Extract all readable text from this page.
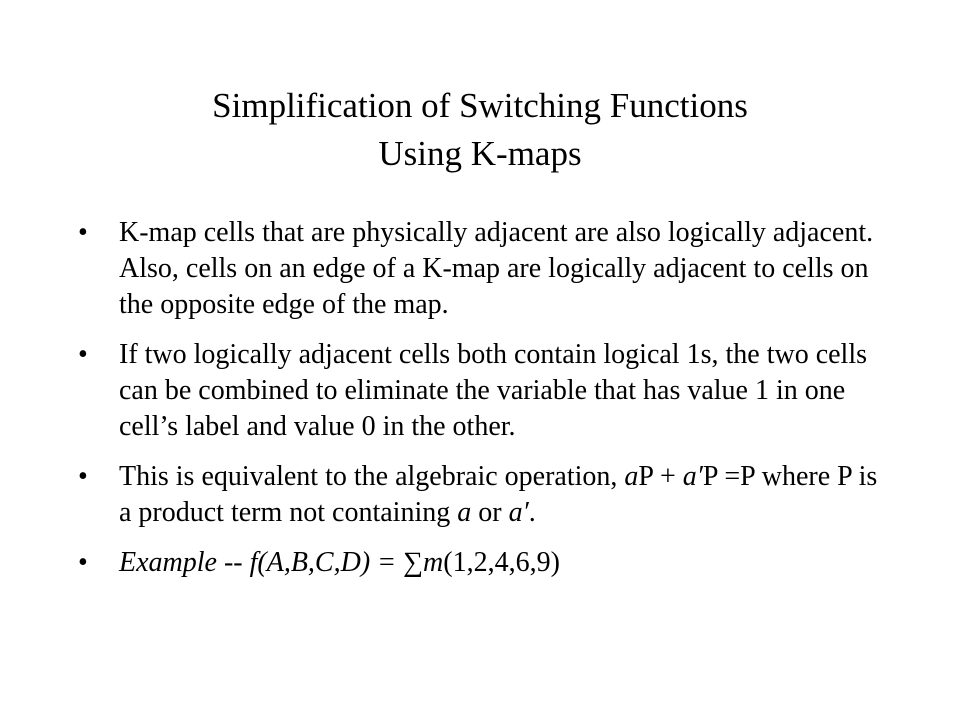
Simplification of Switching Functions
Using K-maps
•	K-map cells that are physically adjacent are also logically adjacent. Also, cells on an edge of a K-map are logically adjacent to cells on the opposite edge of the map.
•	If two logically adjacent cells both contain logical 1s, the two cells can be combined to eliminate the variable that has value 1 in one cell’s label and value 0 in the other.
•	This is equivalent to the algebraic operation, aP + a′P =P where P is a product term not containing a or a′.
•	Example -- f(A,B,C,D) = ∑m(1,2,4,6,9)
